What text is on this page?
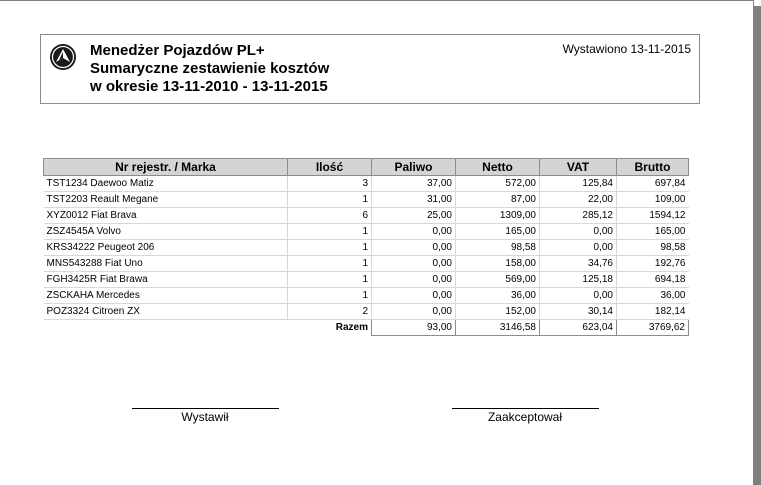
Menedżer Pojazdów PL+
Sumaryczne zestawienie kosztów
w okresie 13-11-2010 - 13-11-2015
Wystawiono 13-11-2015
Nr rejestr. / Marka	Ilość	Paliwo	Netto	VAT	Brutto
TST1234 Daewoo Matiz	3	37,00	572,00	125,84	697,84
TST2203 Reault Megane	1	31,00	87,00	22,00	109,00
XYZ0012 Fiat Brava	6	25,00	1309,00	285,12	1594,12
ZSZ4545A Volvo	1	0,00	165,00	0,00	165,00
KRS34222 Peugeot 206	1	0,00	98,58	0,00	98,58
MNS543288 Fiat Uno	1	0,00	158,00	34,76	192,76
FGH3425R Fiat Brawa	1	0,00	569,00	125,18	694,18
ZSCKAHA Mercedes	1	0,00	36,00	0,00	36,00
POZ3324 Citroen ZX	2	0,00	152,00	30,14	182,14
	Razem	93,00	3146,58	623,04	3769,62
Wystawił	Zaakceptował
